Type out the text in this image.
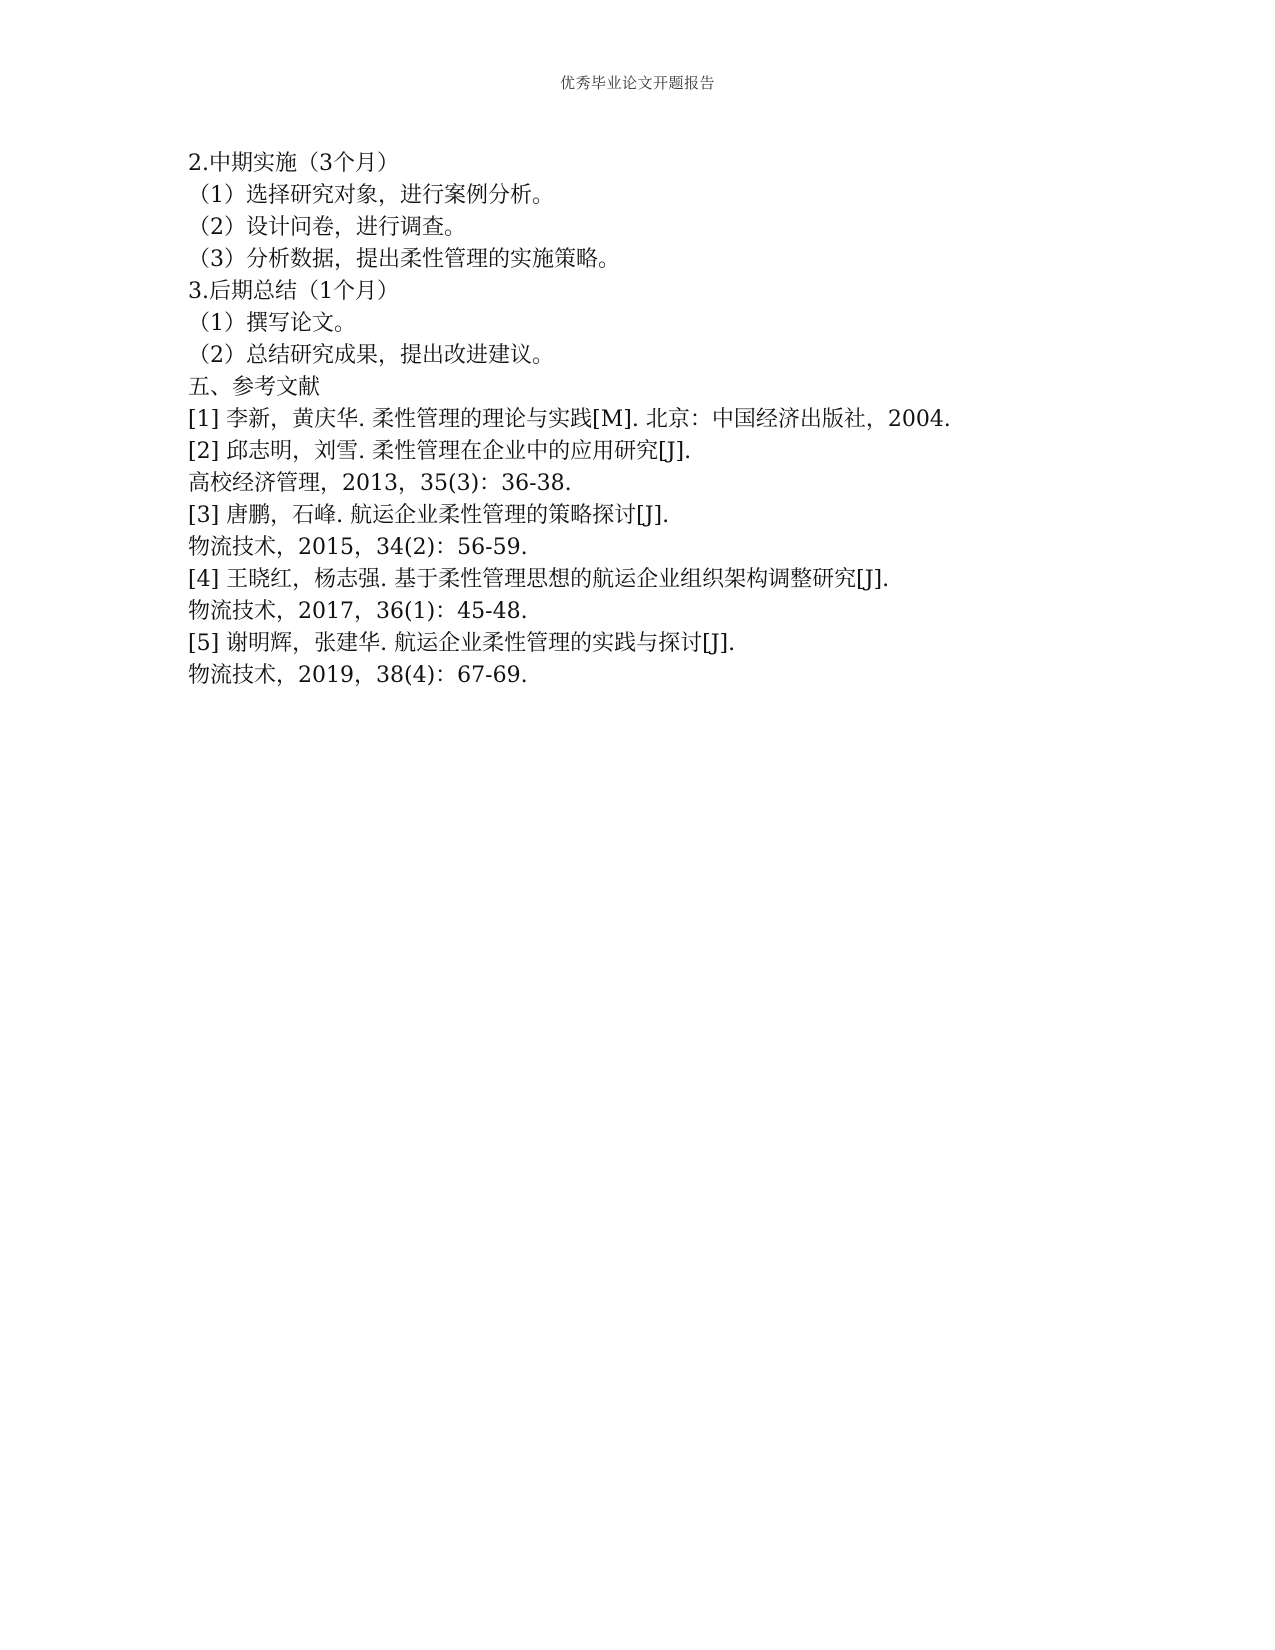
优秀毕业论文开题报告
2.中期实施（3个月）
（1）选择研究对象，进行案例分析。
（2）设计问卷，进行调查。
（3）分析数据，提出柔性管理的实施策略。
3.后期总结（1个月）
（1）撰写论文。
（2）总结研究成果，提出改进建议。
五、参考文献
[1] 李新，黄庆华. 柔性管理的理论与实践[M]. 北京：中国经济出版社，2004.
[2] 邱志明，刘雪. 柔性管理在企业中的应用研究[J].
高校经济管理，2013，35(3)：36-38.
[3] 唐鹏，石峰. 航运企业柔性管理的策略探讨[J].
物流技术，2015，34(2)：56-59.
[4] 王晓红，杨志强. 基于柔性管理思想的航运企业组织架构调整研究[J].
物流技术，2017，36(1)：45-48.
[5] 谢明辉，张建华. 航运企业柔性管理的实践与探讨[J].
物流技术，2019，38(4)：67-69.
